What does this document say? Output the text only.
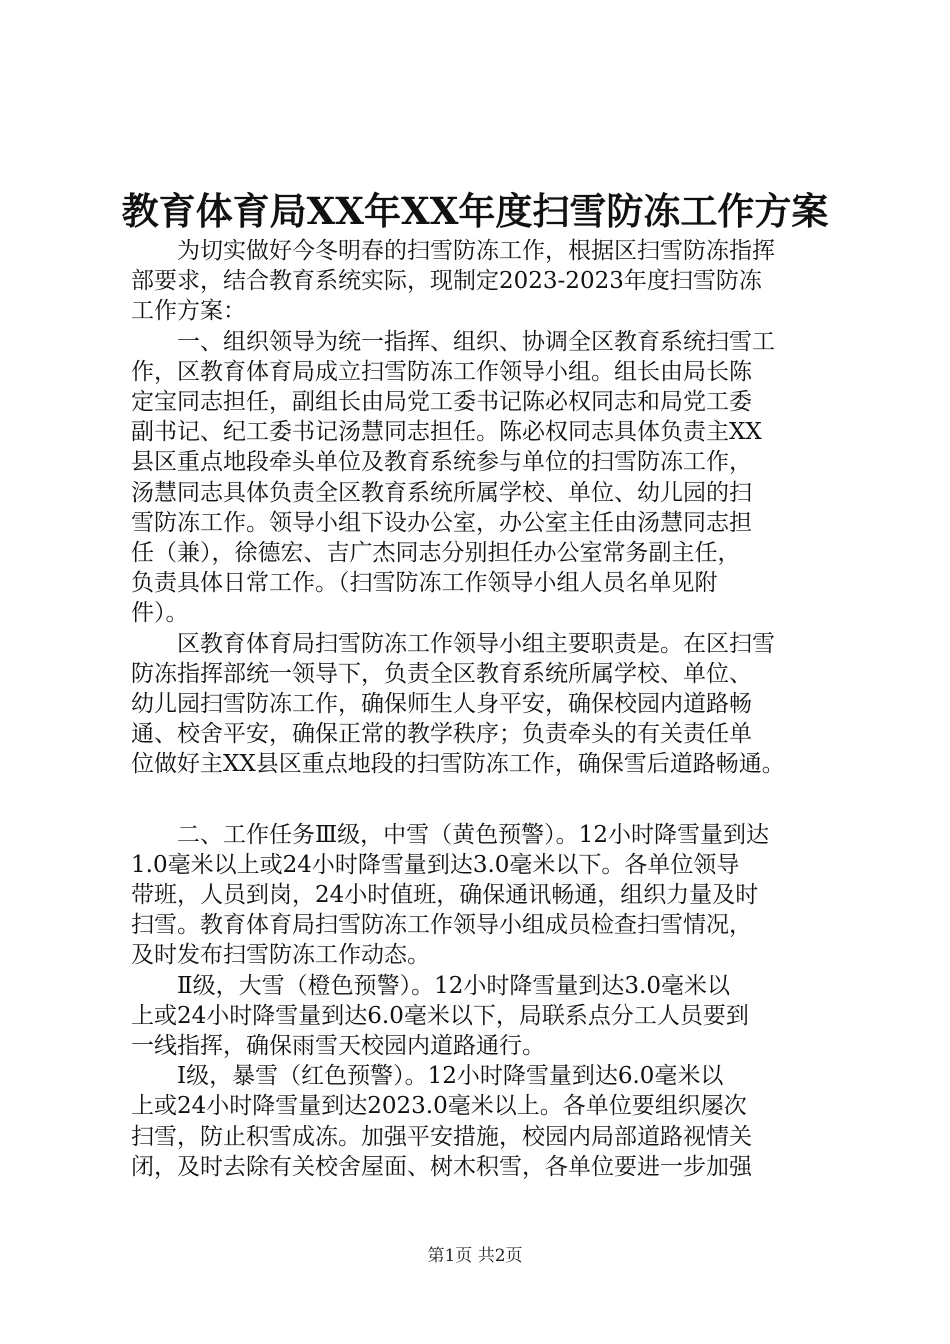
教育体育局XX年XX年度扫雪防冻工作方案

为切实做好今冬明春的扫雪防冻工作，根据区扫雪防冻指挥
部要求，结合教育系统实际，现制定2023-2023年度扫雪防冻
工作方案：

一、组织领导为统一指挥、组织、协调全区教育系统扫雪工
作，区教育体育局成立扫雪防冻工作领导小组。组长由局长陈
定宝同志担任，副组长由局党工委书记陈必权同志和局党工委
副书记、纪工委书记汤慧同志担任。陈必权同志具体负责主XX
县区重点地段牵头单位及教育系统参与单位的扫雪防冻工作，
汤慧同志具体负责全区教育系统所属学校、单位、幼儿园的扫
雪防冻工作。领导小组下设办公室，办公室主任由汤慧同志担
任（兼），徐德宏、吉广杰同志分别担任办公室常务副主任，
负责具体日常工作。（扫雪防冻工作领导小组人员名单见附
件）。

区教育体育局扫雪防冻工作领导小组主要职责是。在区扫雪
防冻指挥部统一领导下，负责全区教育系统所属学校、单位、
幼儿园扫雪防冻工作，确保师生人身平安，确保校园内道路畅
通、校舍平安，确保正常的教学秩序；负责牵头的有关责任单
位做好主XX县区重点地段的扫雪防冻工作，确保雪后道路畅通。

二、工作任务Ⅲ级，中雪（黄色预警）。12小时降雪量到达
1.0毫米以上或24小时降雪量到达3.0毫米以下。各单位领导
带班，人员到岗，24小时值班，确保通讯畅通，组织力量及时
扫雪。教育体育局扫雪防冻工作领导小组成员检查扫雪情况，
及时发布扫雪防冻工作动态。

Ⅱ级，大雪（橙色预警）。12小时降雪量到达3.0毫米以
上或24小时降雪量到达6.0毫米以下，局联系点分工人员要到
一线指挥，确保雨雪天校园内道路通行。

Ⅰ级，暴雪（红色预警）。12小时降雪量到达6.0毫米以
上或24小时降雪量到达2023.0毫米以上。各单位要组织屡次
扫雪，防止积雪成冻。加强平安措施，校园内局部道路视情关
闭，及时去除有关校舍屋面、树木积雪，各单位要进一步加强

第1页 共2页
